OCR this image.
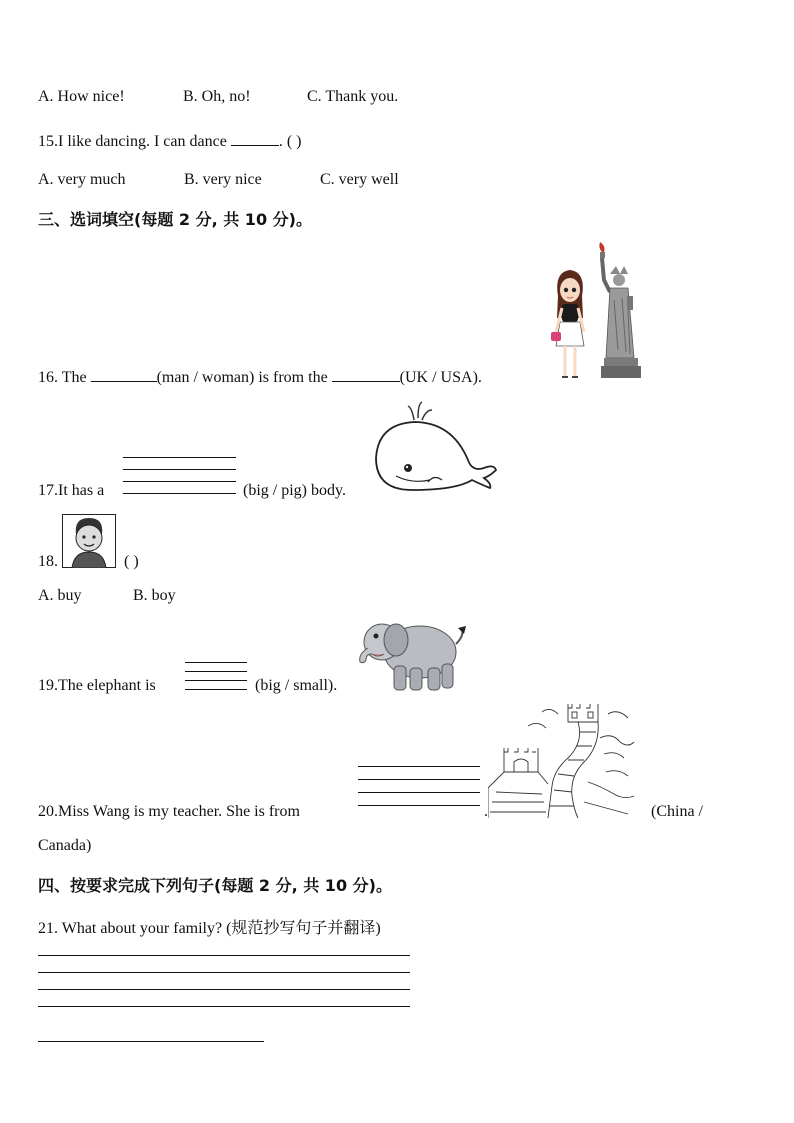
A. How nice!	B. Oh, no!	C. Thank you.
15.I like dancing. I can dance	. ( )
A. very much	B. very nice	C. very well
三、选词填空(每题 2 分, 共 10 分)。
16. The	(man / woman) is from the	(UK / USA).
17.It has a	(big / pig) body.
18.	( )
A. buy	B. boy
19.The elephant is	(big / small).
20.Miss Wang is my teacher. She is from	.	(China /
Canada)
四、按要求完成下列句子(每题 2 分, 共 10 分)。
21. What about your family? (规范抄写句子并翻译)
